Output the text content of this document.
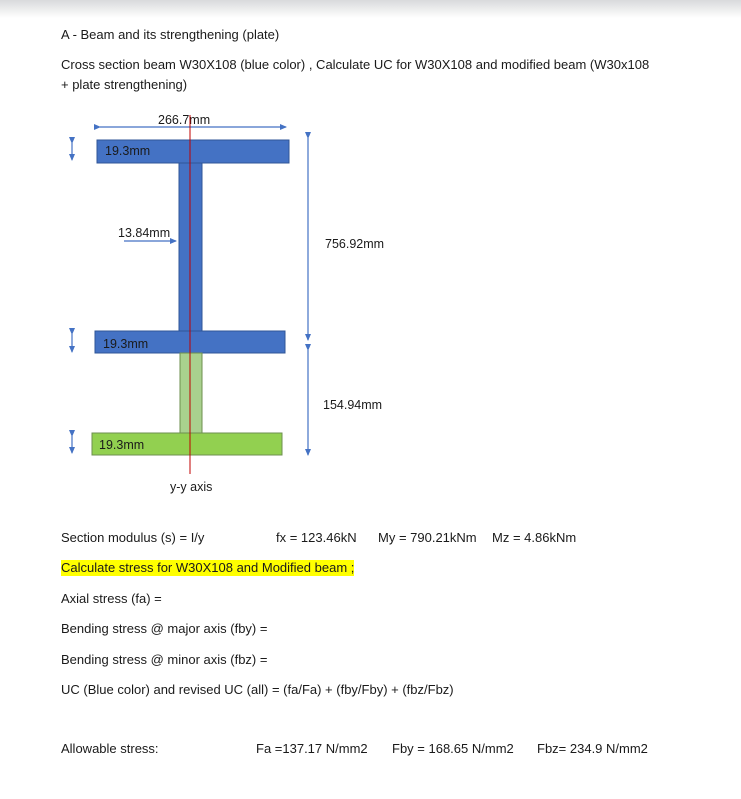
A - Beam and its strengthening (plate)
Cross section beam W30X108 (blue color) , Calculate UC for W30X108 and modified beam (W30x108
+ plate strengthening)
266.7mm
19.3mm
13.84mm
756.92mm
19.3mm
154.94mm
19.3mm
y-y axis
Section modulus (s) = I/y	fx = 123.46kN My = 790.21kNm Mz = 4.86kNm
Calculate stress for W30X108 and Modified beam ;
Axial stress (fa) =
Bending stress @ major axis (fby) =
Bending stress @ minor axis (fbz) =
UC (Blue color) and revised UC (all) = (fa/Fa) + (fby/Fby) + (fbz/Fbz)
Allowable stress:	Fa =137.17 N/mm2 Fby = 168.65 N/mm2 Fbz= 234.9 N/mm2
